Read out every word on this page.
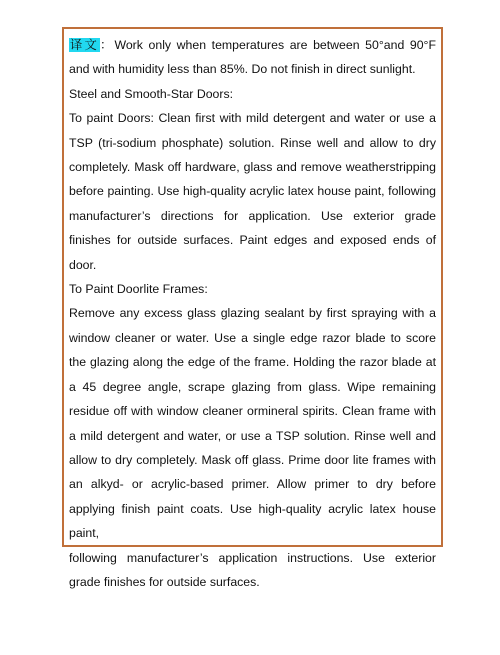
译文：Work only when temperatures are between 50°and 90°F and with humidity less than 85%. Do not finish in direct sunlight.

Steel and Smooth-Star Doors:

To paint Doors: Clean first with mild detergent and water or use a TSP (tri-sodium phosphate) solution. Rinse well and allow to dry completely. Mask off hardware, glass and remove weatherstripping before painting. Use high-quality acrylic latex house paint, following manufacturer’s directions for application. Use exterior grade finishes for outside surfaces. Paint edges and exposed ends of door.

To Paint Doorlite Frames:

Remove any excess glass glazing sealant by first spraying with a window cleaner or water. Use a single edge razor blade to score the glazing along the edge of the frame. Holding the razor blade at a 45 degree angle, scrape glazing from glass. Wipe remaining residue off with window cleaner ormineral spirits. Clean frame with a mild detergent and water, or use a TSP solution. Rinse well and allow to dry completely. Mask off glass. Prime door lite frames with an alkyd- or acrylic-based primer. Allow primer to dry before applying finish paint coats. Use high-quality acrylic latex house paint,

following manufacturer’s application instructions. Use exterior grade finishes for outside surfaces.
